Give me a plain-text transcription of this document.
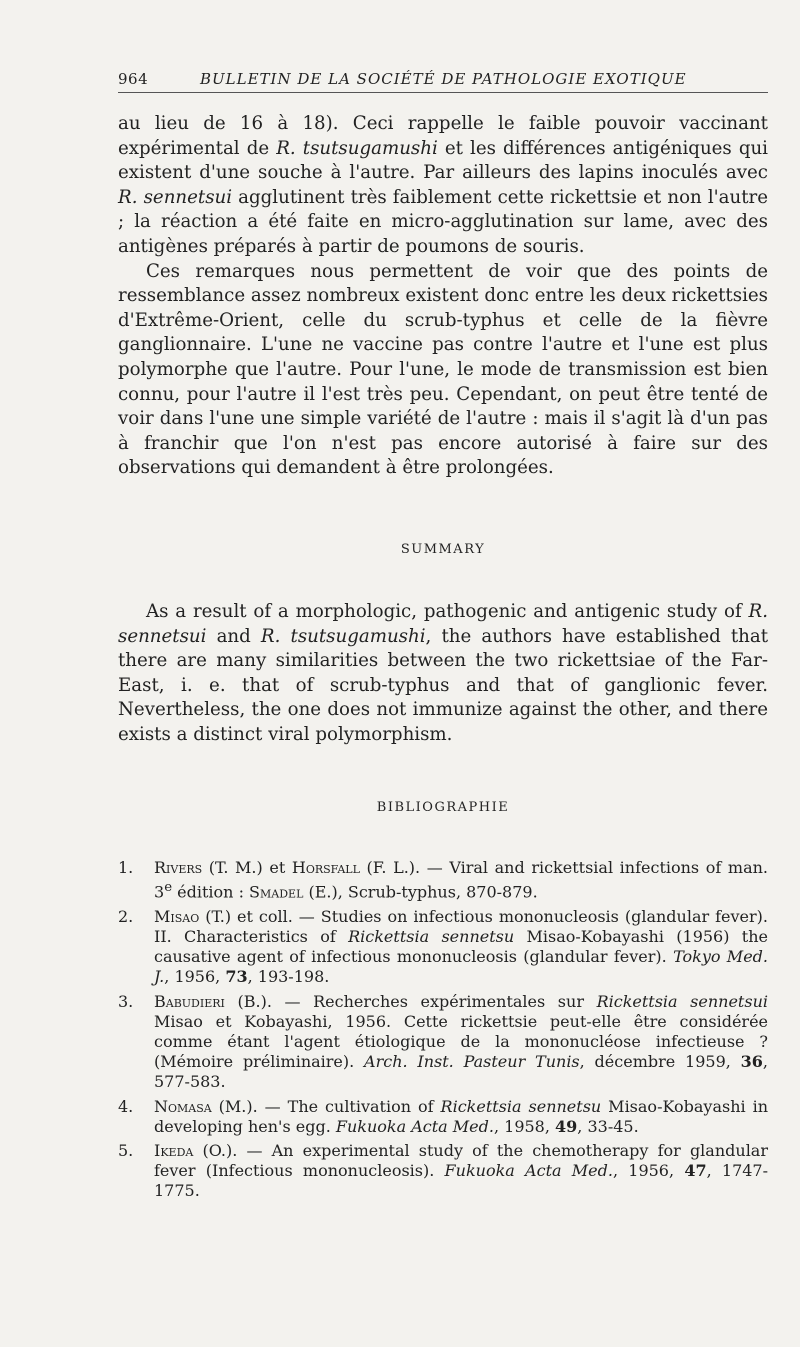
964	BULLETIN DE LA SOCIÉTÉ DE PATHOLOGIE EXOTIQUE

au lieu de 16 à 18). Ceci rappelle le faible pouvoir vaccinant expérimental de R. tsutsugamushi et les différences antigéniques qui existent d'une souche à l'autre. Par ailleurs des lapins inoculés avec R. sennetsui agglutinent très faiblement cette rickettsie et non l'autre ; la réaction a été faite en micro-agglutination sur lame, avec des antigènes préparés à partir de poumons de souris.

Ces remarques nous permettent de voir que des points de ressemblance assez nombreux existent donc entre les deux rickettsies d'Extrême-Orient, celle du scrub-typhus et celle de la fièvre ganglionnaire. L'une ne vaccine pas contre l'autre et l'une est plus polymorphe que l'autre. Pour l'une, le mode de transmission est bien connu, pour l'autre il l'est très peu. Cependant, on peut être tenté de voir dans l'une une simple variété de l'autre : mais il s'agit là d'un pas à franchir que l'on n'est pas encore autorisé à faire sur des observations qui demandent à être prolongées.

SUMMARY

As a result of a morphologic, pathogenic and antigenic study of R. sennetsui and R. tsutsugamushi, the authors have established that there are many similarities between the two rickettsiae of the Far-East, i. e. that of scrub-typhus and that of ganglionic fever. Nevertheless, the one does not immunize against the other, and there exists a distinct viral polymorphism.

BIBLIOGRAPHIE
1.	Rivers (T. M.) et Horsfall (F. L.). — Viral and rickettsial infections of man. 3e édition : Smadel (E.), Scrub-typhus, 870-879.
2.	Misao (T.) et coll. — Studies on infectious mononucleosis (glandular fever). II. Characteristics of Rickettsia sennetsu Misao-Kobayashi (1956) the causative agent of infectious mononucleosis (glandular fever). Tokyo Med. J., 1956, 73, 193-198.
3.	Babudieri (B.). — Recherches expérimentales sur Rickettsia sennetsui Misao et Kobayashi, 1956. Cette rickettsie peut-elle être considérée comme étant l'agent étiologique de la mononucléose infectieuse ? (Mémoire préliminaire). Arch. Inst. Pasteur Tunis, décembre 1959, 36, 577-583.
4.	Nomasa (M.). — The cultivation of Rickettsia sennetsu Misao-Kobayashi in developing hen's egg. Fukuoka Acta Med., 1958, 49, 33-45.
5.	Ikeda (O.). — An experimental study of the chemotherapy for glandular fever (Infectious mononucleosis). Fukuoka Acta Med., 1956, 47, 1747-1775.
